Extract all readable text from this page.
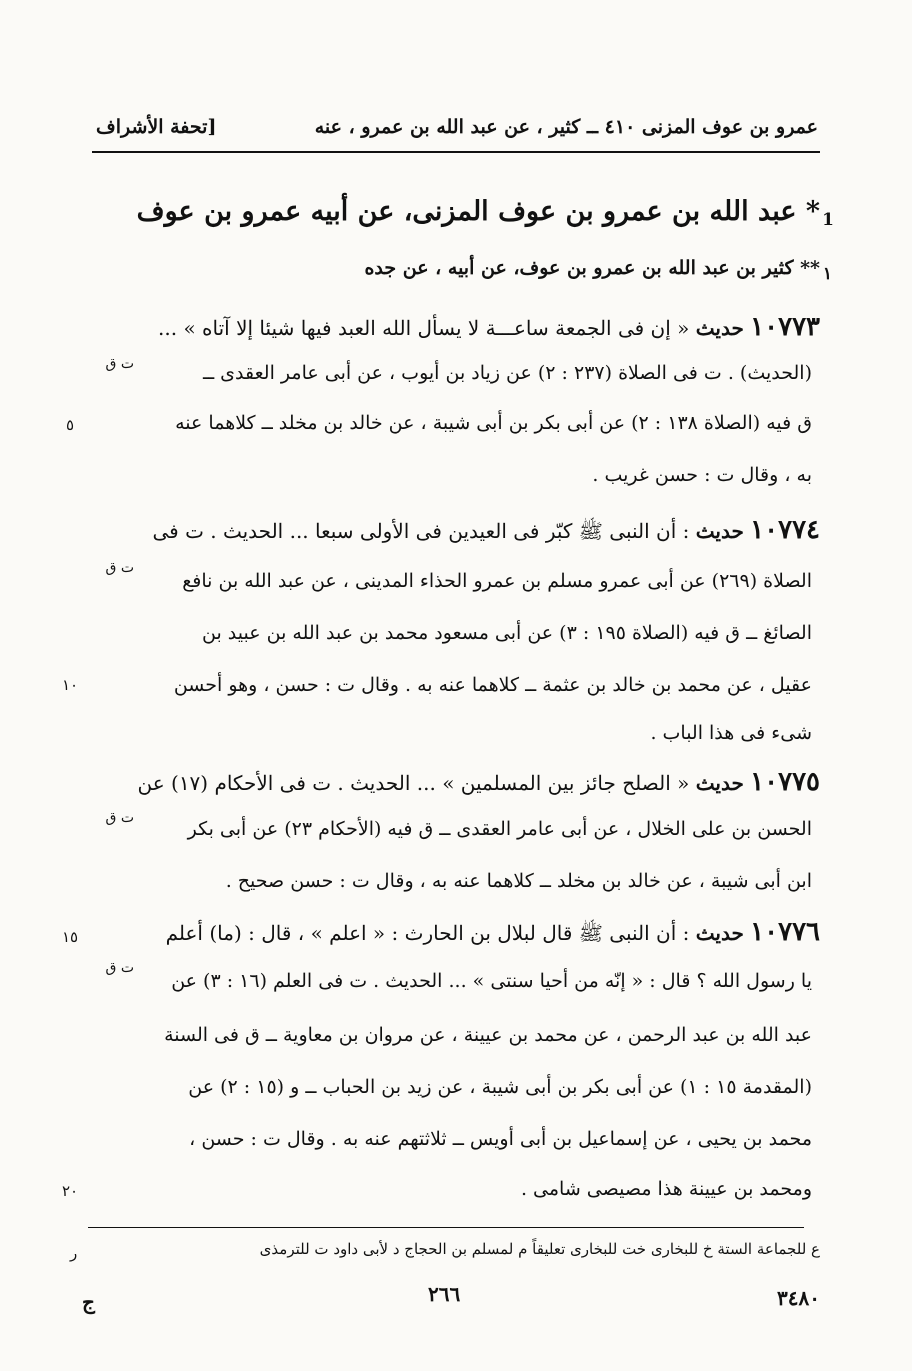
عمرو بن عوف المزنى ٤١٠ ــ كثير ، عن عبد الله بن عمرو ، عنه
[تحفة الأشراف
1
* عبد الله بن عمرو بن عوف المزنى، عن أبيه عمرو بن عوف
١
** كثير بن عبد الله بن عمرو بن عوف، عن أبيه ، عن جده
١٠٧٧٣ حديث « إن فى الجمعة ساعـــة لا يسأل الله العبد فيها شيئا إلا آتاه » ...
ت ق	(الحديث) . ت فى الصلاة (٢٣٧ : ٢) عن زياد بن أيوب ، عن أبى عامر العقدى ــ
ق فيه (الصلاة ١٣٨ : ٢) عن أبى بكر بن أبى شيبة ، عن خالد بن مخلد ــ كلاهما عنه
به ، وقال ت : حسن غريب .
١٠٧٧٤ حديث : أن النبى ﷺ كبّر فى العيدين فى الأولى سبعا ... الحديث . ت فى
ت ق
الصلاة (٢٦٩) عن أبى عمرو مسلم بن عمرو الحذاء المدينى ، عن عبد الله بن نافع
الصائغ ــ ق فيه (الصلاة ١٩٥ : ٣) عن أبى مسعود محمد بن عبد الله بن عبيد بن
عقيل ، عن محمد بن خالد بن عثمة ــ كلاهما عنه به . وقال ت : حسن ، وهو أحسن
شىء فى هذا الباب .
١٠٧٧٥ حديث « الصلح جائز بين المسلمين » ... الحديث . ت فى الأحكام (١٧) عن
ت ق	الحسن بن على الخلال ، عن أبى عامر العقدى ــ ق فيه (الأحكام ٢٣) عن أبى بكر
ابن أبى شيبة ، عن خالد بن مخلد ــ كلاهما عنه به ، وقال ت : حسن صحيح .
١٠٧٧٦ حديث : أن النبى ﷺ قال لبلال بن الحارث : « اعلم » ، قال : (ما) أعلم
ت ق
يا رسول الله ؟ قال : « إنّه من أحيا سنتى » ... الحديث . ت فى العلم (١٦ : ٣) عن
عبد الله بن عبد الرحمن ، عن محمد بن عيينة ، عن مروان بن معاوية ــ ق فى السنة
(المقدمة ١٥ : ١) عن أبى بكر بن أبى شيبة ، عن زيد بن الحباب ــ و (١٥ : ٢) عن
محمد بن يحيى ، عن إسماعيل بن أبى أويس ــ ثلاثتهم عنه به . وقال ت : حسن ،
ومحمد بن عيينة هذا مصيصى شامى .
٥
١٠
١٥
٢٠
ع للجماعة الستة خ للبخارى خت للبخارى تعليقاً م لمسلم بن الحجاج د لأبى داود ت للترمذى
ر
٣٤٨٠
٢٦٦
ج
